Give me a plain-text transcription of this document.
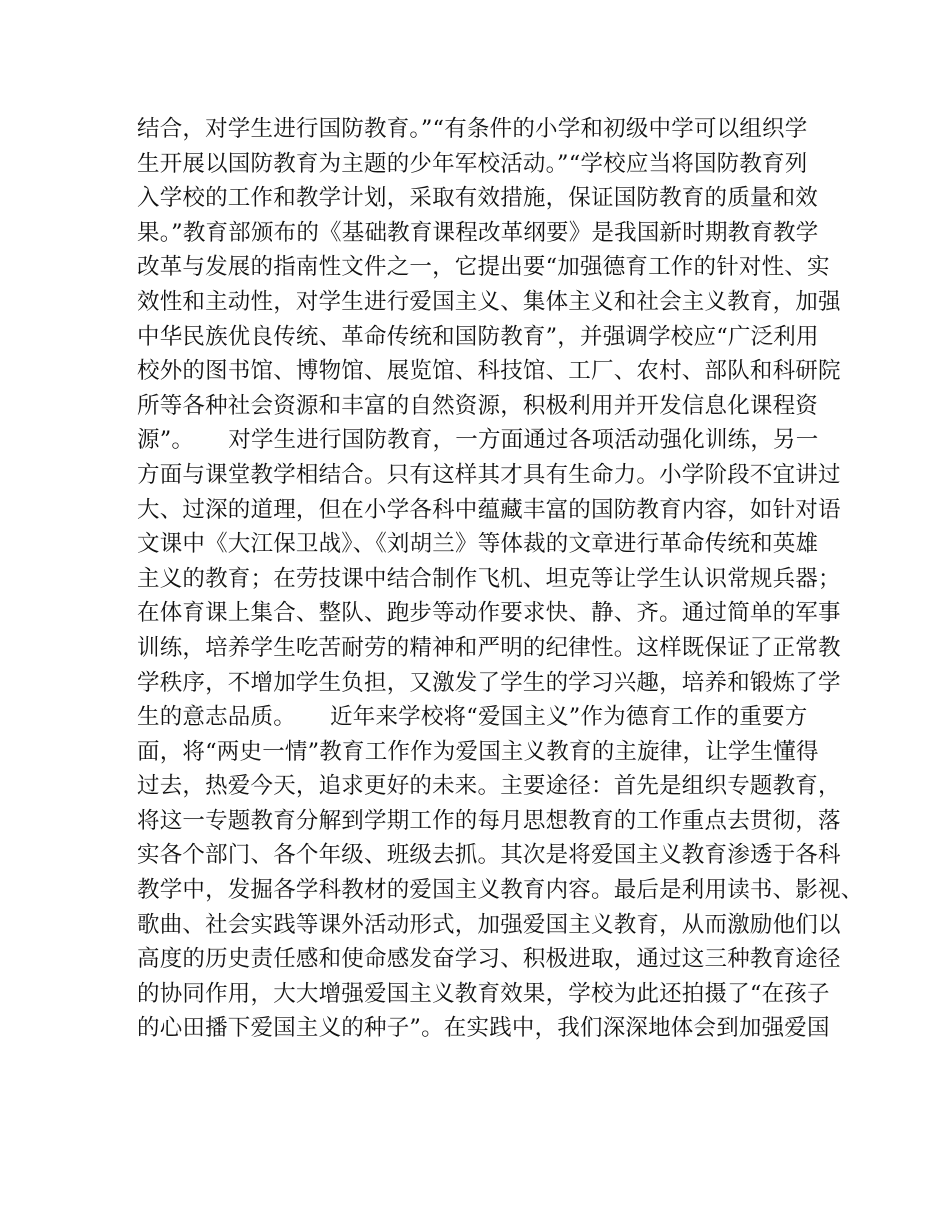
结合，对学生进行国防教育。”“有条件的小学和初级中学可以组织学
生开展以国防教育为主题的少年军校活动。”“学校应当将国防教育列
入学校的工作和教学计划，采取有效措施，保证国防教育的质量和效
果。”教育部颁布的《基础教育课程改革纲要》是我国新时期教育教学
改革与发展的指南性文件之一，它提出要“加强德育工作的针对性、实
效性和主动性，对学生进行爱国主义、集体主义和社会主义教育，加强
中华民族优良传统、革命传统和国防教育”，并强调学校应“广泛利用
校外的图书馆、博物馆、展览馆、科技馆、工厂、农村、部队和科研院
所等各种社会资源和丰富的自然资源，积极利用并开发信息化课程资
源”。　　对学生进行国防教育，一方面通过各项活动强化训练，另一
方面与课堂教学相结合。只有这样其才具有生命力。小学阶段不宜讲过
大、过深的道理，但在小学各科中蕴藏丰富的国防教育内容，如针对语
文课中《大江保卫战》、《刘胡兰》等体裁的文章进行革命传统和英雄
主义的教育；在劳技课中结合制作飞机、坦克等让学生认识常规兵器；
在体育课上集合、整队、跑步等动作要求快、静、齐。通过简单的军事
训练，培养学生吃苦耐劳的精神和严明的纪律性。这样既保证了正常教
学秩序，不增加学生负担，又激发了学生的学习兴趣，培养和锻炼了学
生的意志品质。　　近年来学校将“爱国主义”作为德育工作的重要方
面，将“两史一情”教育工作作为爱国主义教育的主旋律，让学生懂得
过去，热爱今天，追求更好的未来。主要途径：首先是组织专题教育，
将这一专题教育分解到学期工作的每月思想教育的工作重点去贯彻，落
实各个部门、各个年级、班级去抓。其次是将爱国主义教育渗透于各科
教学中，发掘各学科教材的爱国主义教育内容。最后是利用读书、影视、
歌曲、社会实践等课外活动形式，加强爱国主义教育，从而激励他们以
高度的历史责任感和使命感发奋学习、积极进取，通过这三种教育途径
的协同作用，大大增强爱国主义教育效果，学校为此还拍摄了“在孩子
的心田播下爱国主义的种子”。在实践中，我们深深地体会到加强爱国
